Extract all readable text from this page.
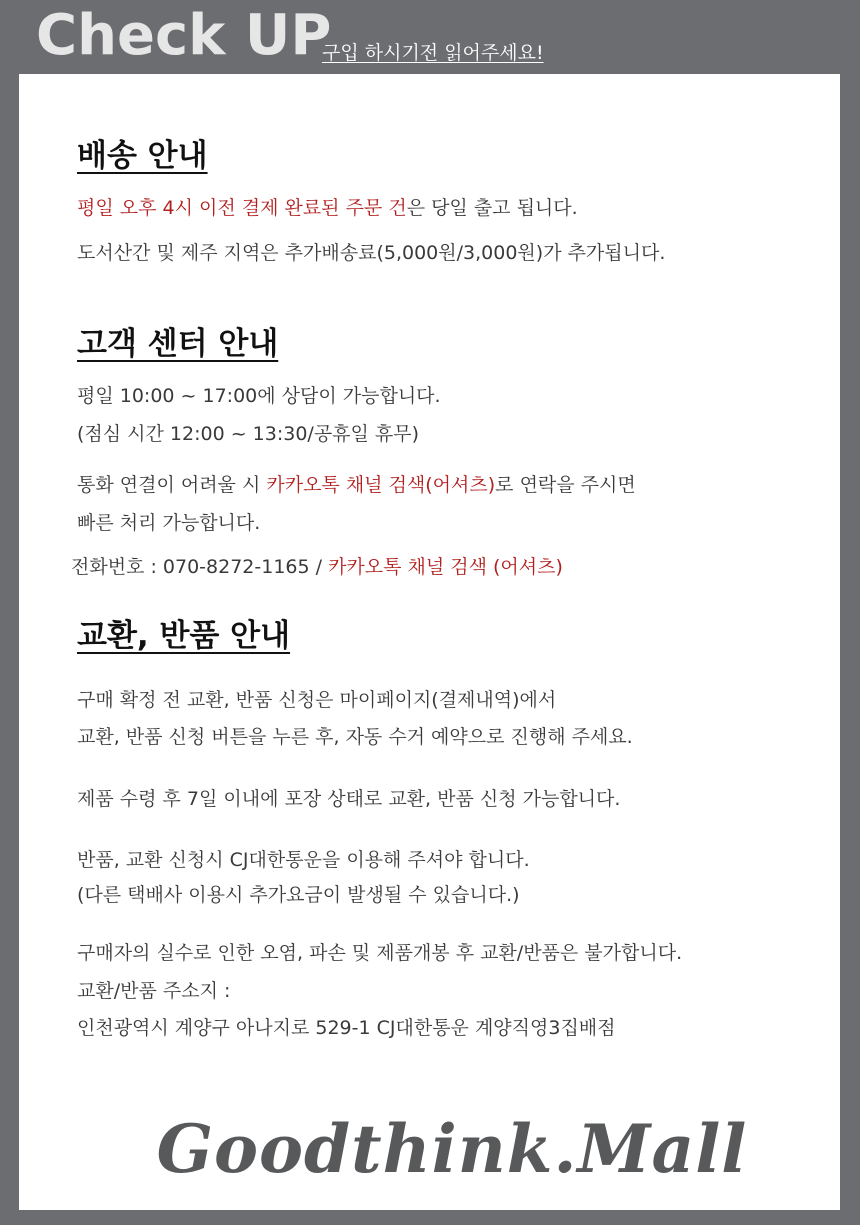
Check UP
구입 하시기전 읽어주세요!
배송 안내
평일 오후 4시 이전 결제 완료된 주문 건은 당일 출고 됩니다.
도서산간 및 제주 지역은 추가배송료(5,000원/3,000원)가 추가됩니다.
고객 센터 안내
평일 10:00 ~ 17:00에 상담이 가능합니다.
(점심 시간 12:00 ~ 13:30/공휴일 휴무)
통화 연결이 어려울 시 카카오톡 채널 검색(어셔츠)로 연락을 주시면
빠른 처리 가능합니다.
전화번호 : 070-8272-1165 / 카카오톡 채널 검색 (어셔츠)
교환, 반품 안내
구매 확정 전 교환, 반품 신청은 마이페이지(결제내역)에서
교환, 반품 신청 버튼을 누른 후, 자동 수거 예약으로 진행해 주세요.
제품 수령 후 7일 이내에 포장 상태로 교환, 반품 신청 가능합니다.
반품, 교환 신청시 CJ대한통운을 이용해 주셔야 합니다.
(다른 택배사 이용시 추가요금이 발생될 수 있습니다.)
구매자의 실수로 인한 오염, 파손 및 제품개봉 후 교환/반품은 불가합니다.
교환/반품 주소지 :
인천광역시 계양구 아나지로 529-1 CJ대한통운 계양직영3집배점
Goodthink.Mall
